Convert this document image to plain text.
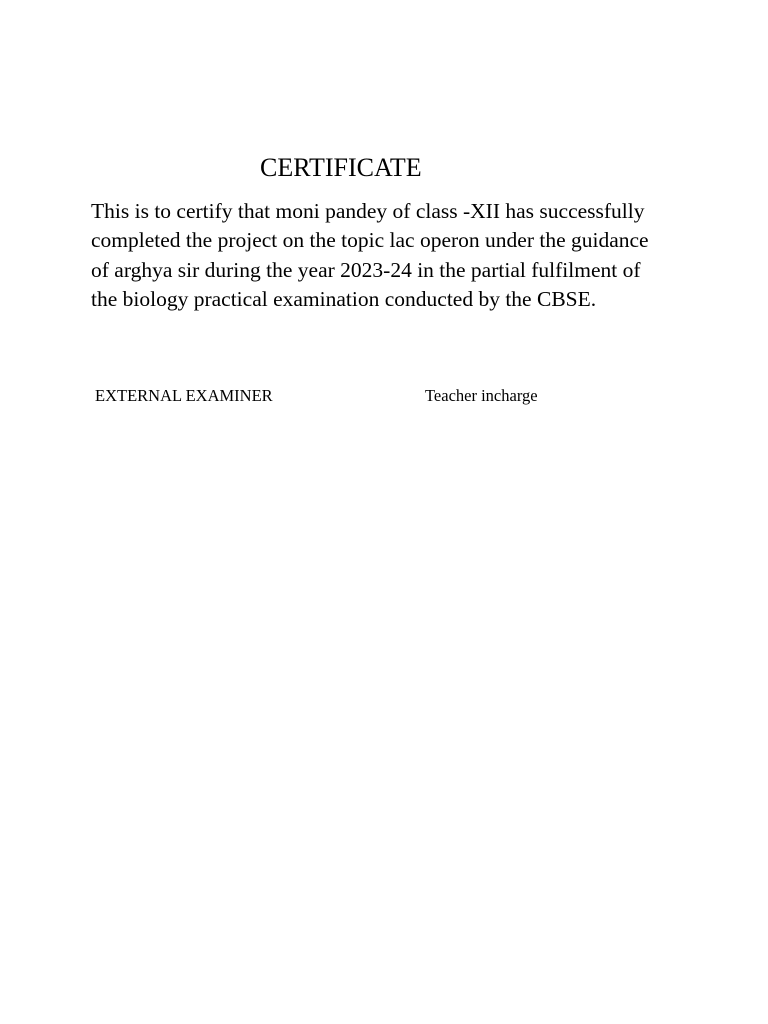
CERTIFICATE
This is to certify that moni pandey of class -XII has successfully
completed the project on the topic lac operon under the guidance
of arghya sir during the year 2023-24 in the partial fulfilment of
the biology practical examination conducted by the CBSE.
EXTERNAL EXAMINER	Teacher incharge
